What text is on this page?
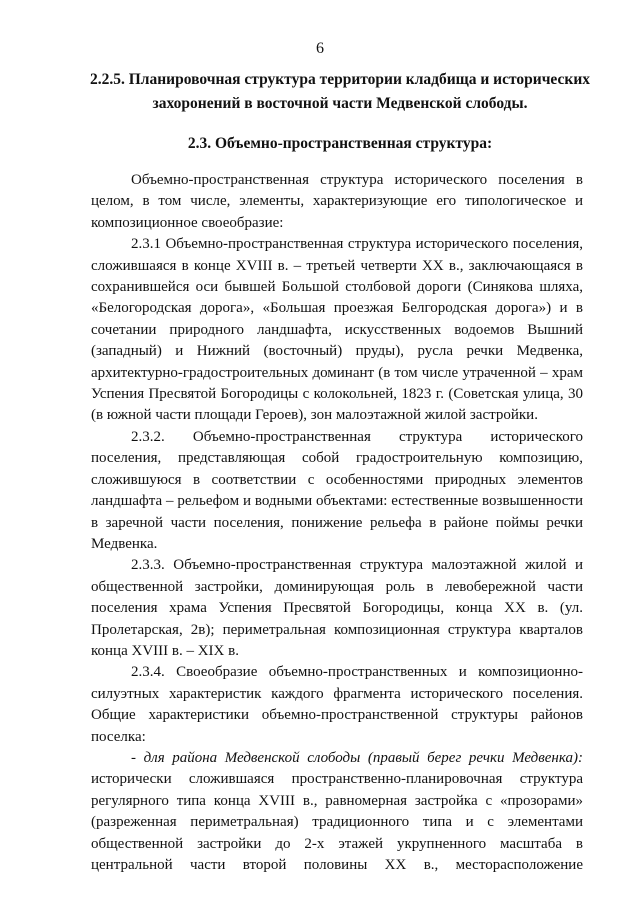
6
2.2.5. Планировочная структура территории кладбища и исторических захоронений в восточной части Медвенской слободы.
2.3. Объемно-пространственная структура:

Объемно-пространственная структура исторического поселения в целом, в том числе, элементы, характеризующие его типологическое и композиционное своеобразие:

2.3.1 Объемно-пространственная структура исторического поселения, сложившаяся в конце XVIII в. – третьей четверти XX в., заключающаяся в сохранившейся оси бывшей Большой столбовой дороги (Синякова шляха, «Белогородская дорога», «Большая проезжая Белгородская дорога») и в сочетании природного ландшафта, искусственных водоемов Вышний (западный) и Нижний (восточный) пруды), русла речки Медвенка, архитектурно-градостроительных доминант (в том числе утраченной – храм Успения Пресвятой Богородицы с колокольней, 1823 г. (Советская улица, 30 (в южной части площади Героев), зон малоэтажной жилой застройки.

2.3.2. Объемно-пространственная структура исторического поселения, представляющая собой градостроительную композицию, сложившуюся в соответствии с особенностями природных элементов ландшафта – рельефом и водными объектами: естественные возвышенности в заречной части поселения, понижение рельефа в районе поймы речки Медвенка.

2.3.3. Объемно-пространственная структура малоэтажной жилой и общественной застройки, доминирующая роль в левобережной части поселения храма Успения Пресвятой Богородицы, конца XX в. (ул. Пролетарская, 2в); периметральная композиционная структура кварталов конца XVIII в. – XIX в.

2.3.4. Своеобразие объемно-пространственных и композиционно-силуэтных характеристик каждого фрагмента исторического поселения. Общие характеристики объемно-пространственной структуры районов поселка:

- для района Медвенской слободы (правый берег речки Медвенка): исторически сложившаяся пространственно-планировочная структура регулярного типа конца XVIII в., равномерная застройка с «прозорами» (разреженная периметральная) традиционного типа и с элементами общественной застройки до 2-х этажей укрупненного масштаба в центральной части второй половины XX в., месторасположение
